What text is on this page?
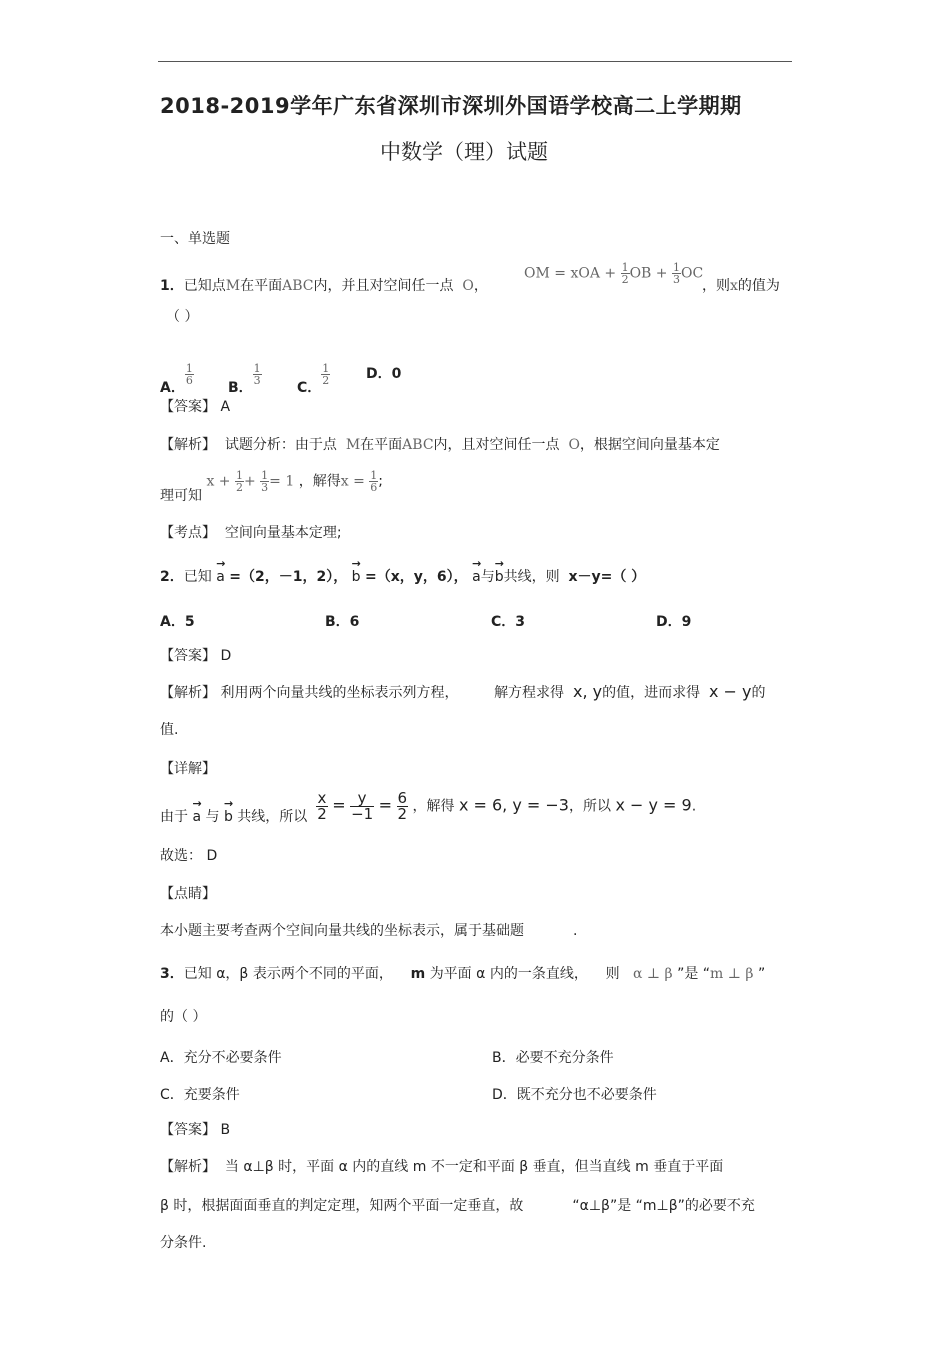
2018-2019学年广东省深圳市深圳外国语学校高二上学期期
中数学（理）试题
一、单选题
1．已知点M在平面ABC内，并且对空间任一点 O，
OM = xOA + $\frac{1}{2}$ OB + $\frac{1}{3}$ OC
，则x的值为
（ ）
A．
$\frac{1}{6}$
B．
$\frac{1}{3}$
C．
$\frac{1}{2}$	D．0
【答案】 A
【解析】 试题分析：由于点 M在平面ABC内，且对空间任一点 O，根据空间向量基本定
理可知 $x + \frac{1}{2} + \frac{1}{3} = 1$ ，解得$x = \frac{1}{6}$ ;
【考点】 空间向量基本定理;
2．已知 → a =（2，－1，2）， → b =（x，y，6）， → a与→ b共线，则 x－y=（ ）
A．5	B．6	C．3	D．9
【答案】 D
【解析】 利用两个向量共线的坐标表示列方程，	解方程求得 x, y的值，进而求得 x − y的
值.
【详解】
由于 → a 与 → b 共线，所以 $\frac{x}{2} = \frac{y}{-1} = \frac{6}{2}$ ，解得 x = 6, y = −3，所以 x − y = 9.
故选： D
【点睛】
本小题主要考查两个空间向量共线的坐标表示，属于基础题	.
3．已知 α，β 表示两个不同的平面， m 为平面 α 内的一条直线， 则 α ⊥ β ”是 “m ⊥ β ”
的（ ）
A．充分不必要条件	B．必要不充分条件
C．充要条件	D．既不充分也不必要条件
【答案】 B
【解析】 当 α⊥β 时，平面 α 内的直线 m 不一定和平面 β 垂直，但当直线 m 垂直于平面
β 时，根据面面垂直的判定定理，知两个平面一定垂直，故	“α⊥β”是 “m⊥β”的必要不充
分条件.
